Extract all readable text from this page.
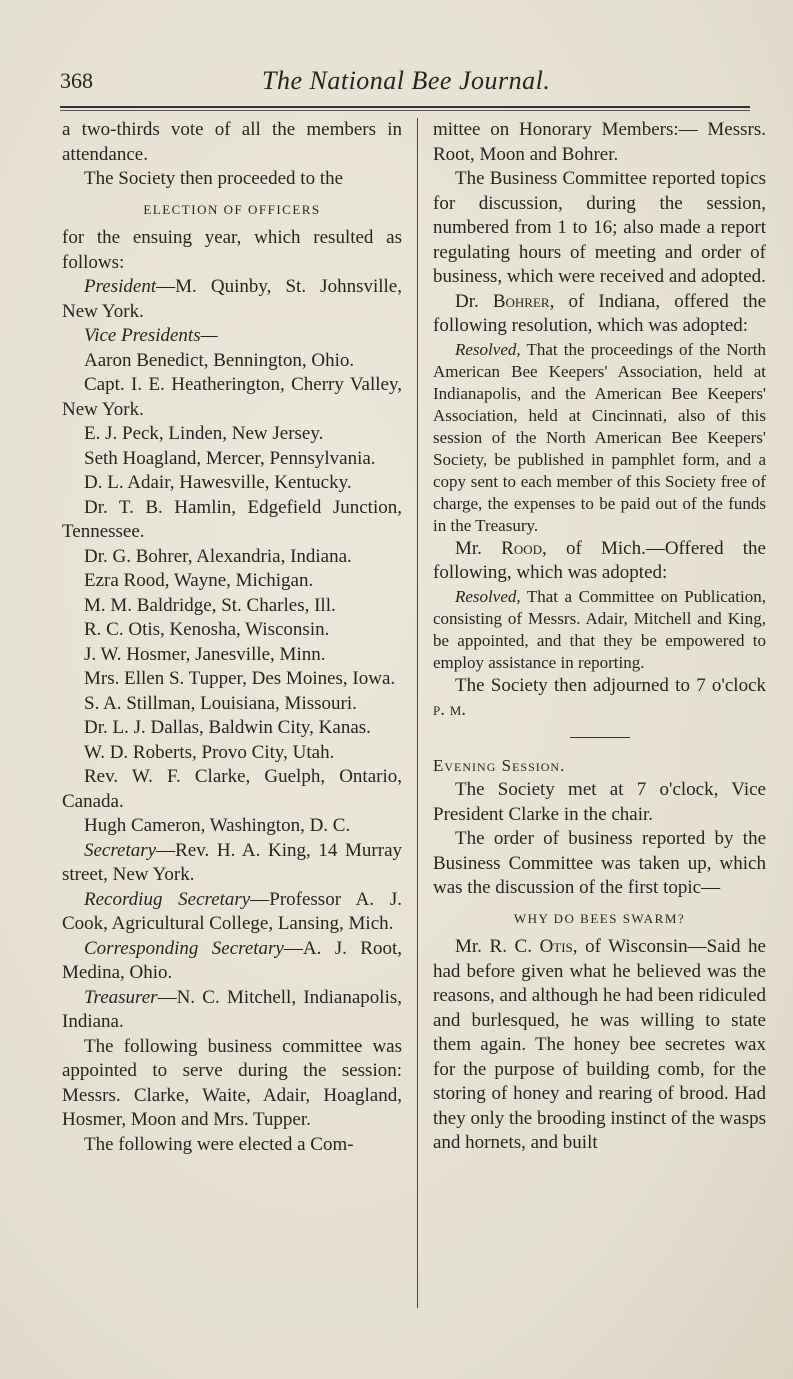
368	The National Bee Journal.

a two-thirds vote of all the members in attendance.

The Society then proceeded to the

ELECTION OF OFFICERS

for the ensuing year, which resulted as follows:

President—M. Quinby, St. Johnsville, New York.

Vice Presidents—

Aaron Benedict, Bennington, Ohio.

Capt. I. E. Heatherington, Cherry Valley, New York.

E. J. Peck, Linden, New Jersey.

Seth Hoagland, Mercer, Pennsylvania.

D. L. Adair, Hawesville, Kentucky.

Dr. T. B. Hamlin, Edgefield Junction, Tennessee.

Dr. G. Bohrer, Alexandria, Indiana.

Ezra Rood, Wayne, Michigan.

M. M. Baldridge, St. Charles, Ill.

R. C. Otis, Kenosha, Wisconsin.

J. W. Hosmer, Janesville, Minn.

Mrs. Ellen S. Tupper, Des Moines, Iowa.

S. A. Stillman, Louisiana, Missouri.

Dr. L. J. Dallas, Baldwin City, Kanas.

W. D. Roberts, Provo City, Utah.

Rev. W. F. Clarke, Guelph, Ontario, Canada.

Hugh Cameron, Washington, D. C.

Secretary—Rev. H. A. King, 14 Murray street, New York.

Recordiug Secretary—Professor A. J. Cook, Agricultural College, Lansing, Mich.

Corresponding Secretary—A. J. Root, Medina, Ohio.

Treasurer—N. C. Mitchell, Indianapolis, Indiana.

The following business committee was appointed to serve during the session: Messrs. Clarke, Waite, Adair, Hoagland, Hosmer, Moon and Mrs. Tupper.

The following were elected a Com-

mittee on Honorary Members:— Messrs. Root, Moon and Bohrer.

The Business Committee reported topics for discussion, during the session, numbered from 1 to 16; also made a report regulating hours of meeting and order of business, which were received and adopted.

Dr. Bohrer, of Indiana, offered the following resolution, which was adopted:

Resolved, That the proceedings of the North American Bee Keepers' Association, held at Indianapolis, and the American Bee Keepers' Association, held at Cincinnati, also of this session of the North American Bee Keepers' Society, be published in pamphlet form, and a copy sent to each member of this Society free of charge, the expenses to be paid out of the funds in the Treasury.

Mr. Rood, of Mich.—Offered the following, which was adopted:

Resolved, That a Committee on Publication, consisting of Messrs. Adair, Mitchell and King, be appointed, and that they be empowered to employ assistance in reporting.

The Society then adjourned to 7 o'clock p. m.

Evening Session.

The Society met at 7 o'clock, Vice President Clarke in the chair.

The order of business reported by the Business Committee was taken up, which was the discussion of the first topic—

WHY DO BEES SWARM?

Mr. R. C. Otis, of Wisconsin—Said he had before given what he believed was the reasons, and although he had been ridiculed and burlesqued, he was willing to state them again. The honey bee secretes wax for the purpose of building comb, for the storing of honey and rearing of brood. Had they only the brooding instinct of the wasps and hornets, and built
